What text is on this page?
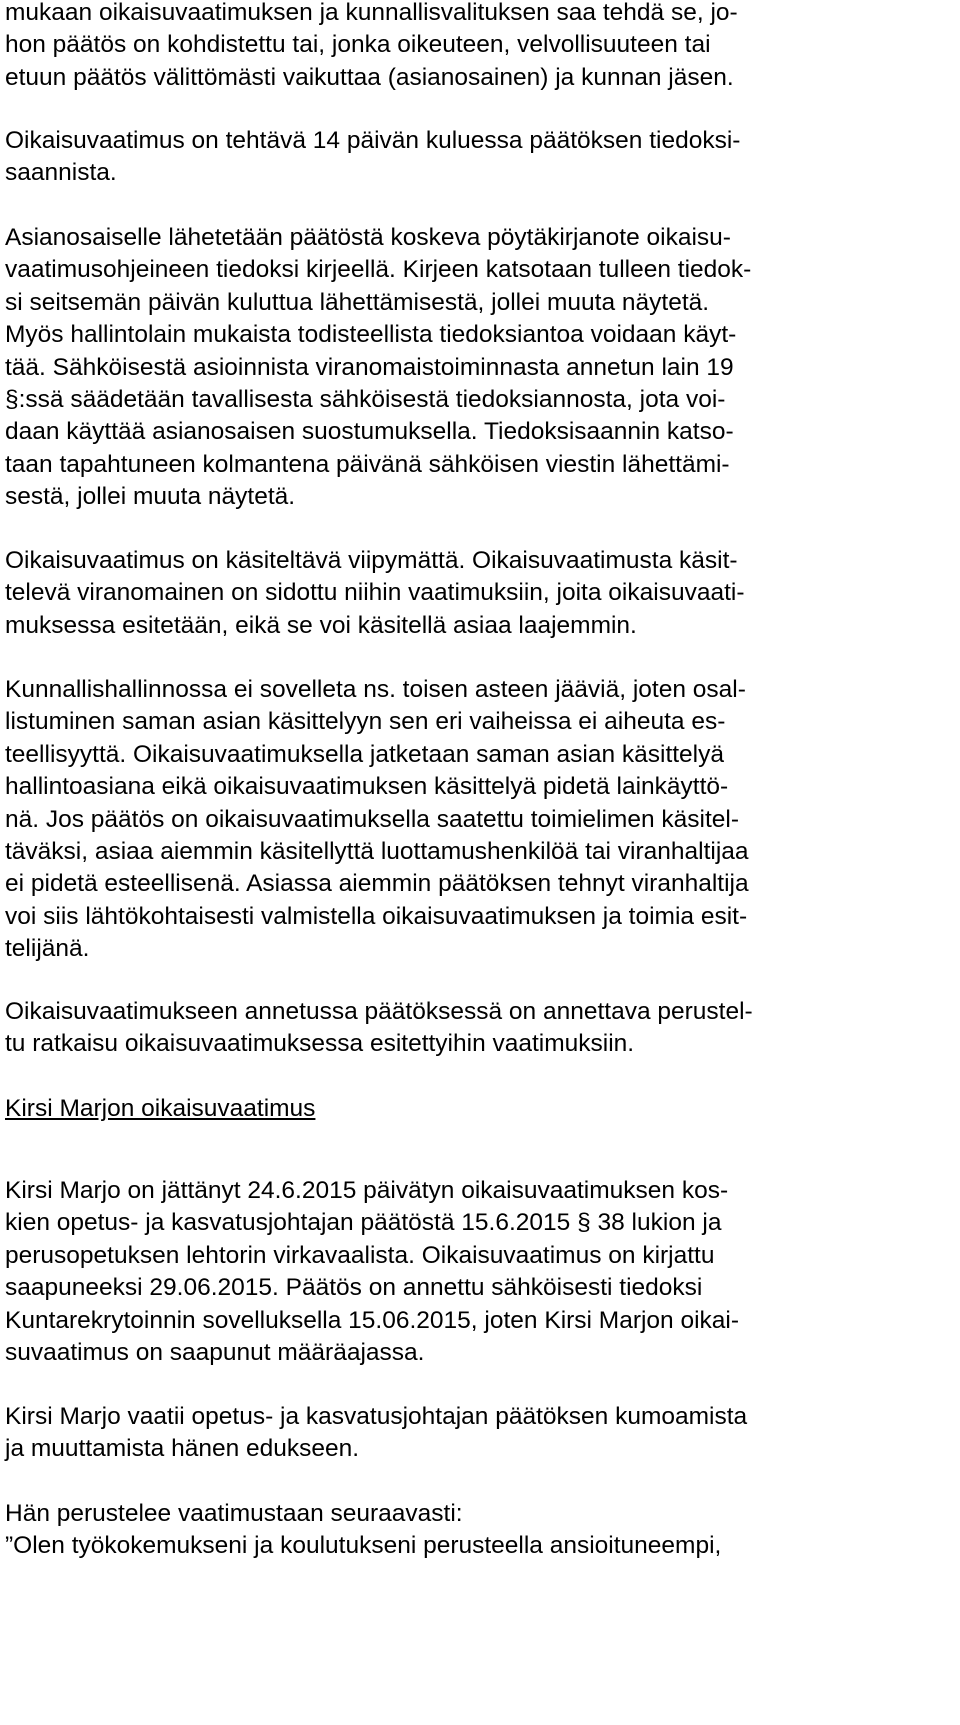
mukaan oikaisuvaatimuksen ja kunnallisvalituksen saa tehdä se, jo-
hon päätös on kohdistettu tai, jonka oikeuteen, velvollisuuteen tai
etuun päätös välittömästi vaikuttaa (asianosainen) ja kunnan jäsen.
Oikaisuvaatimus on tehtävä 14 päivän kuluessa päätöksen tiedoksi-
saannista.
Asianosaiselle lähetetään päätöstä koskeva pöytäkirjanote oikaisu-
vaatimusohjeineen tiedoksi kirjeellä. Kirjeen katsotaan tulleen tiedok-
si seitsemän päivän kuluttua lähettämisestä, jollei muuta näytetä.
Myös hallintolain mukaista todisteellista tiedoksiantoa voidaan käyt-
tää. Sähköisestä asioinnista viranomaistoiminnasta annetun lain 19
§:ssä säädetään tavallisesta sähköisestä tiedoksiannosta, jota voi-
daan käyttää asianosaisen suostumuksella. Tiedoksisaannin katso-
taan tapahtuneen kolmantena päivänä sähköisen viestin lähettämi-
sestä, jollei muuta näytetä.
Oikaisuvaatimus on käsiteltävä viipymättä. Oikaisuvaatimusta käsit-
televä viranomainen on sidottu niihin vaatimuksiin, joita oikaisuvaati-
muksessa esitetään, eikä se voi käsitellä asiaa laajemmin.
Kunnallishallinnossa ei sovelleta ns. toisen asteen jääviä, joten osal-
listuminen saman asian käsittelyyn sen eri vaiheissa ei aiheuta es-
teellisyyttä. Oikaisuvaatimuksella jatketaan saman asian käsittelyä
hallintoasiana eikä oikaisuvaatimuksen käsittelyä pidetä lainkäyttö-
nä. Jos päätös on oikaisuvaatimuksella saatettu toimielimen käsitel-
täväksi, asiaa aiemmin käsitellyttä luottamushenkilöä tai viranhaltijaa
ei pidetä esteellisenä. Asiassa aiemmin päätöksen tehnyt viranhaltija
voi siis lähtökohtaisesti valmistella oikaisuvaatimuksen ja toimia esit-
telijänä.
Oikaisuvaatimukseen annetussa päätöksessä on annettava perustel-
tu ratkaisu oikaisuvaatimuksessa esitettyihin vaatimuksiin.
Kirsi Marjon oikaisuvaatimus
Kirsi Marjo on jättänyt 24.6.2015 päivätyn oikaisuvaatimuksen kos-
kien opetus- ja kasvatusjohtajan päätöstä 15.6.2015 § 38 lukion ja
perusopetuksen lehtorin virkavaalista. Oikaisuvaatimus on kirjattu
saapuneeksi 29.06.2015. Päätös on annettu sähköisesti tiedoksi
Kuntarekrytoinnin sovelluksella 15.06.2015, joten Kirsi Marjon oikai-
suvaatimus on saapunut määräajassa.
Kirsi Marjo vaatii opetus- ja kasvatusjohtajan päätöksen kumoamista
ja muuttamista hänen edukseen.
Hän perustelee vaatimustaan seuraavasti:
”Olen työkokemukseni ja koulutukseni perusteella ansioituneempi,
